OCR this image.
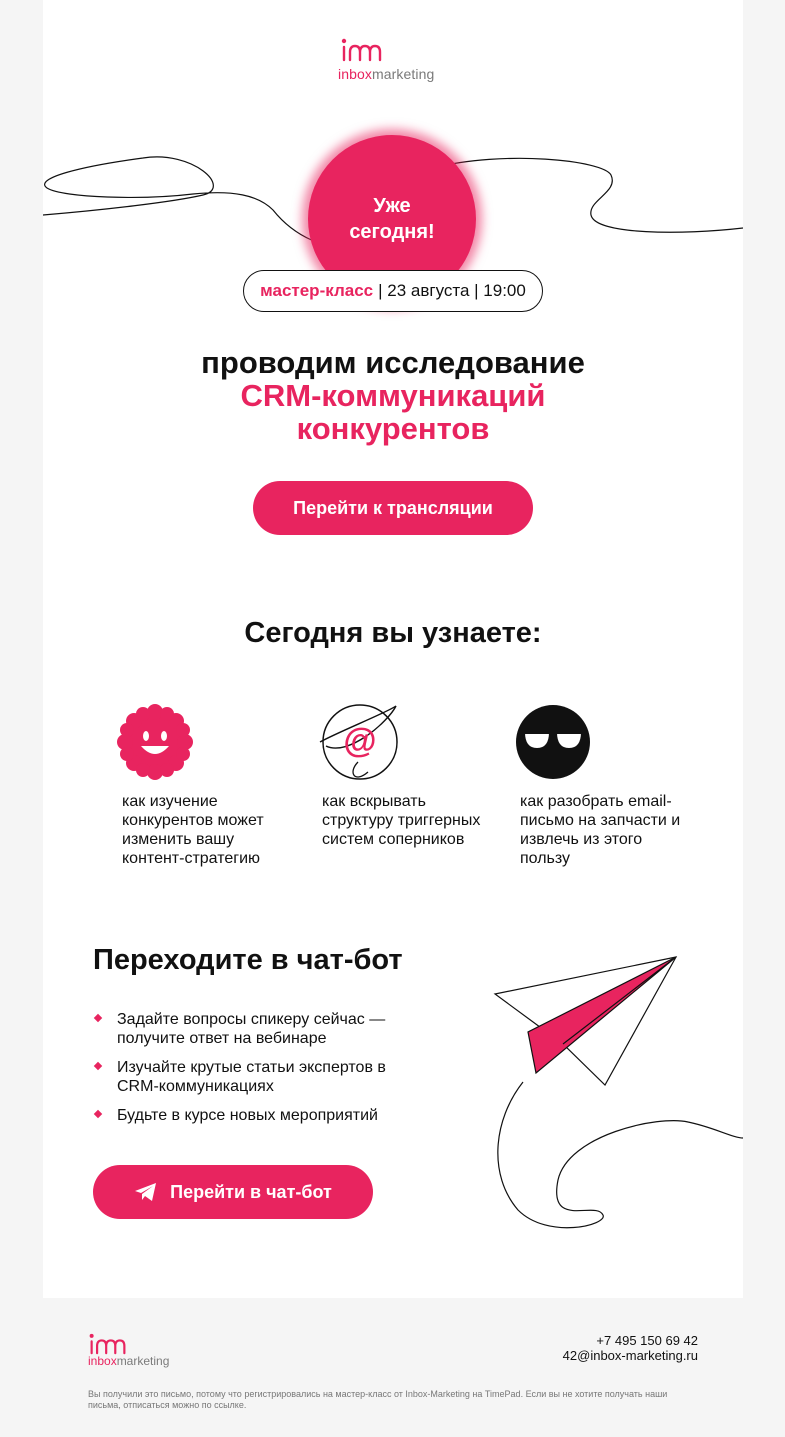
inboxmarketing
Уже
сегодня!
мастер-класс | 23 августа | 19:00
проводим исследование
CRM-коммуникаций
конкурентов
Перейти к трансляции
Сегодня вы узнаете:
как изучение конкурентов может изменить вашу контент-стратегию
@
как вскрывать структуру триггерных систем соперников
как разобрать email-письмо на запчасти и извлечь из этого пользу
Переходите в чат-бот
Задайте вопросы спикеру сейчас — получите ответ на вебинаре
Изучайте крутые статьи экспертов в CRM-коммуникациях
Будьте в курсе новых мероприятий
Перейти в чат-бот
inboxmarketing
+7 495 150 69 42
42@inbox-marketing.ru
Вы получили это письмо, потому что регистрировались на мастер-класс от Inbox-Marketing на TimePad. Если вы не хотите получать наши письма, отписаться можно по ссылке.
